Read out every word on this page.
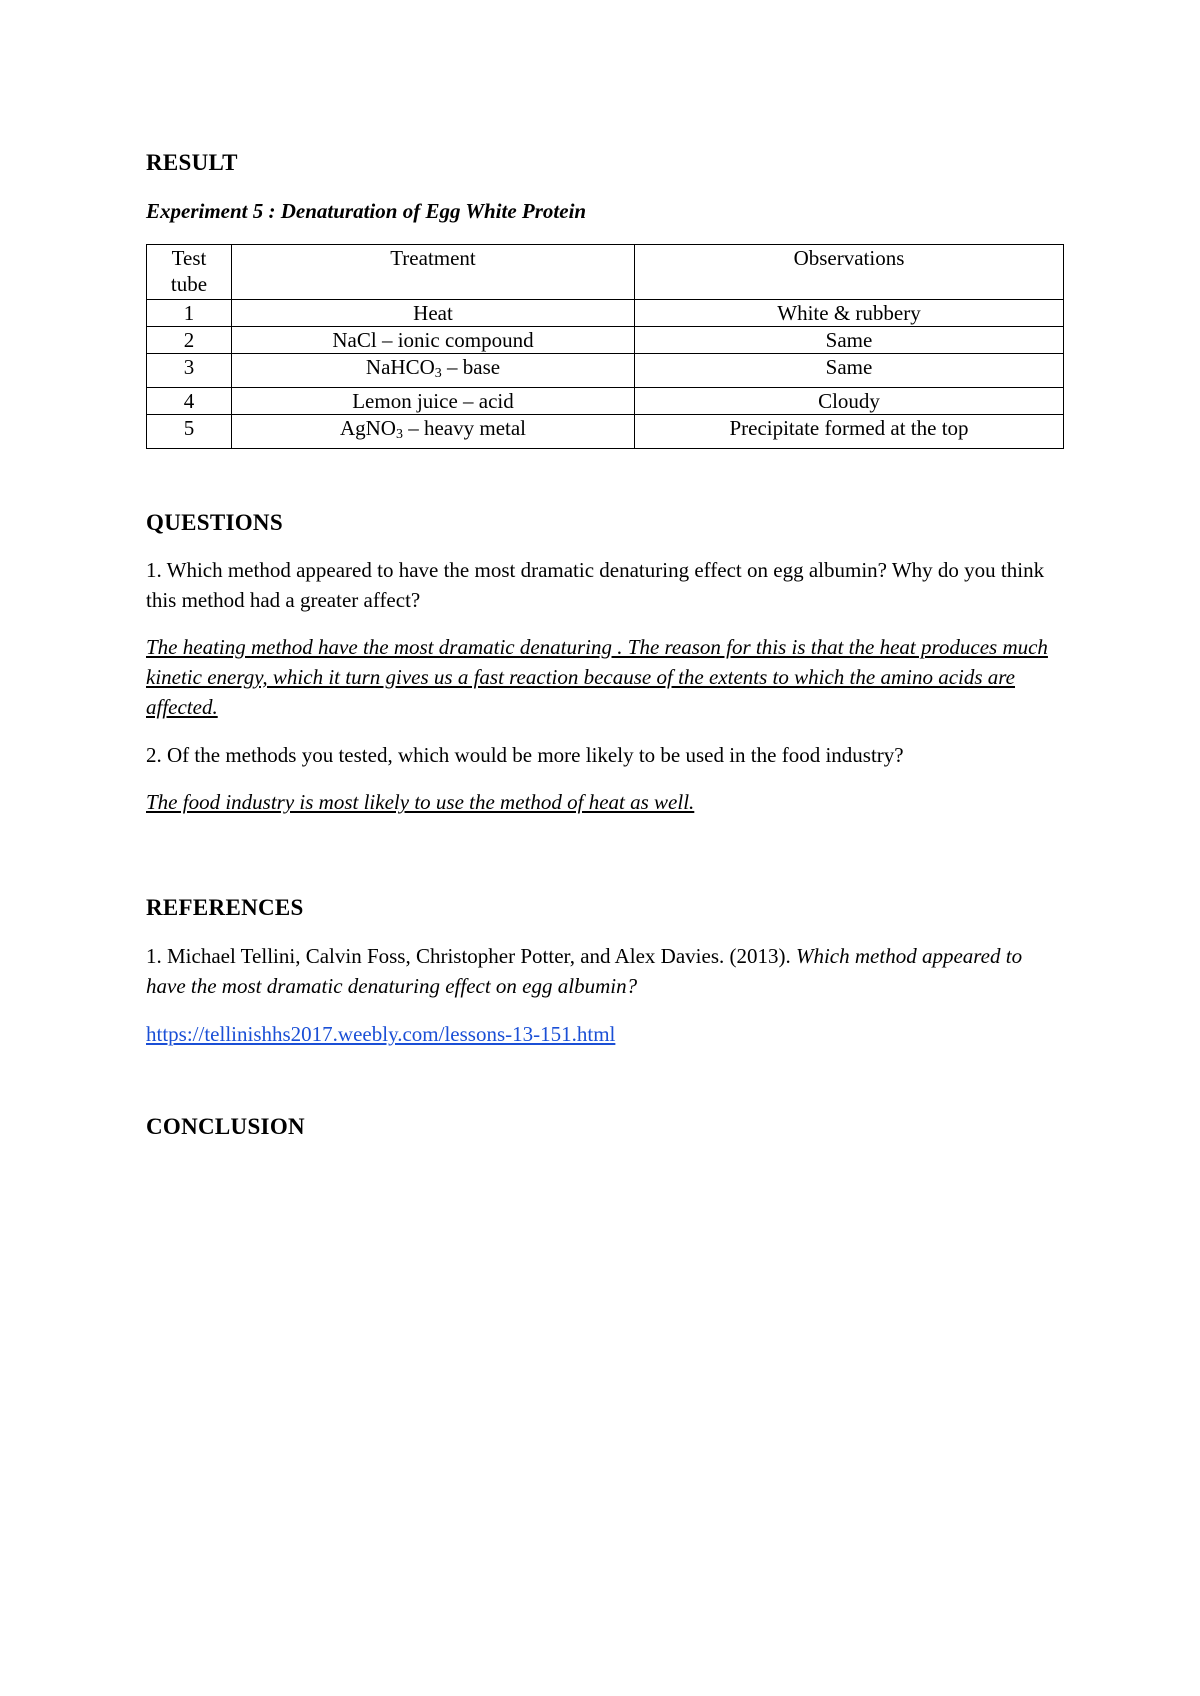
RESULT
Experiment 5 : Denaturation of Egg White Protein
Test tube	Treatment	Observations
1	Heat	White & rubbery
2	NaCl – ionic compound	Same
3	NaHCO$_3$ – base	Same
4	Lemon juice – acid	Cloudy
5	AgNO$_3$ – heavy metal	Precipitate formed at the top
QUESTIONS
1. Which method appeared to have the most dramatic denaturing effect on egg albumin? Why do you think this method had a greater affect?
The heating method have the most dramatic denaturing . The reason for this is that the heat produces much kinetic energy, which it turn gives us a fast reaction because of the extents to which the amino acids are affected.
2. Of the methods you tested, which would be more likely to be used in the food industry?
The food industry is most likely to use the method of heat as well.
REFERENCES
1. Michael Tellini, Calvin Foss, Christopher Potter, and Alex Davies. (2013). Which method appeared to have the most dramatic denaturing effect on egg albumin?
https://tellinishhs2017.weebly.com/lessons-13-151.html
CONCLUSION
